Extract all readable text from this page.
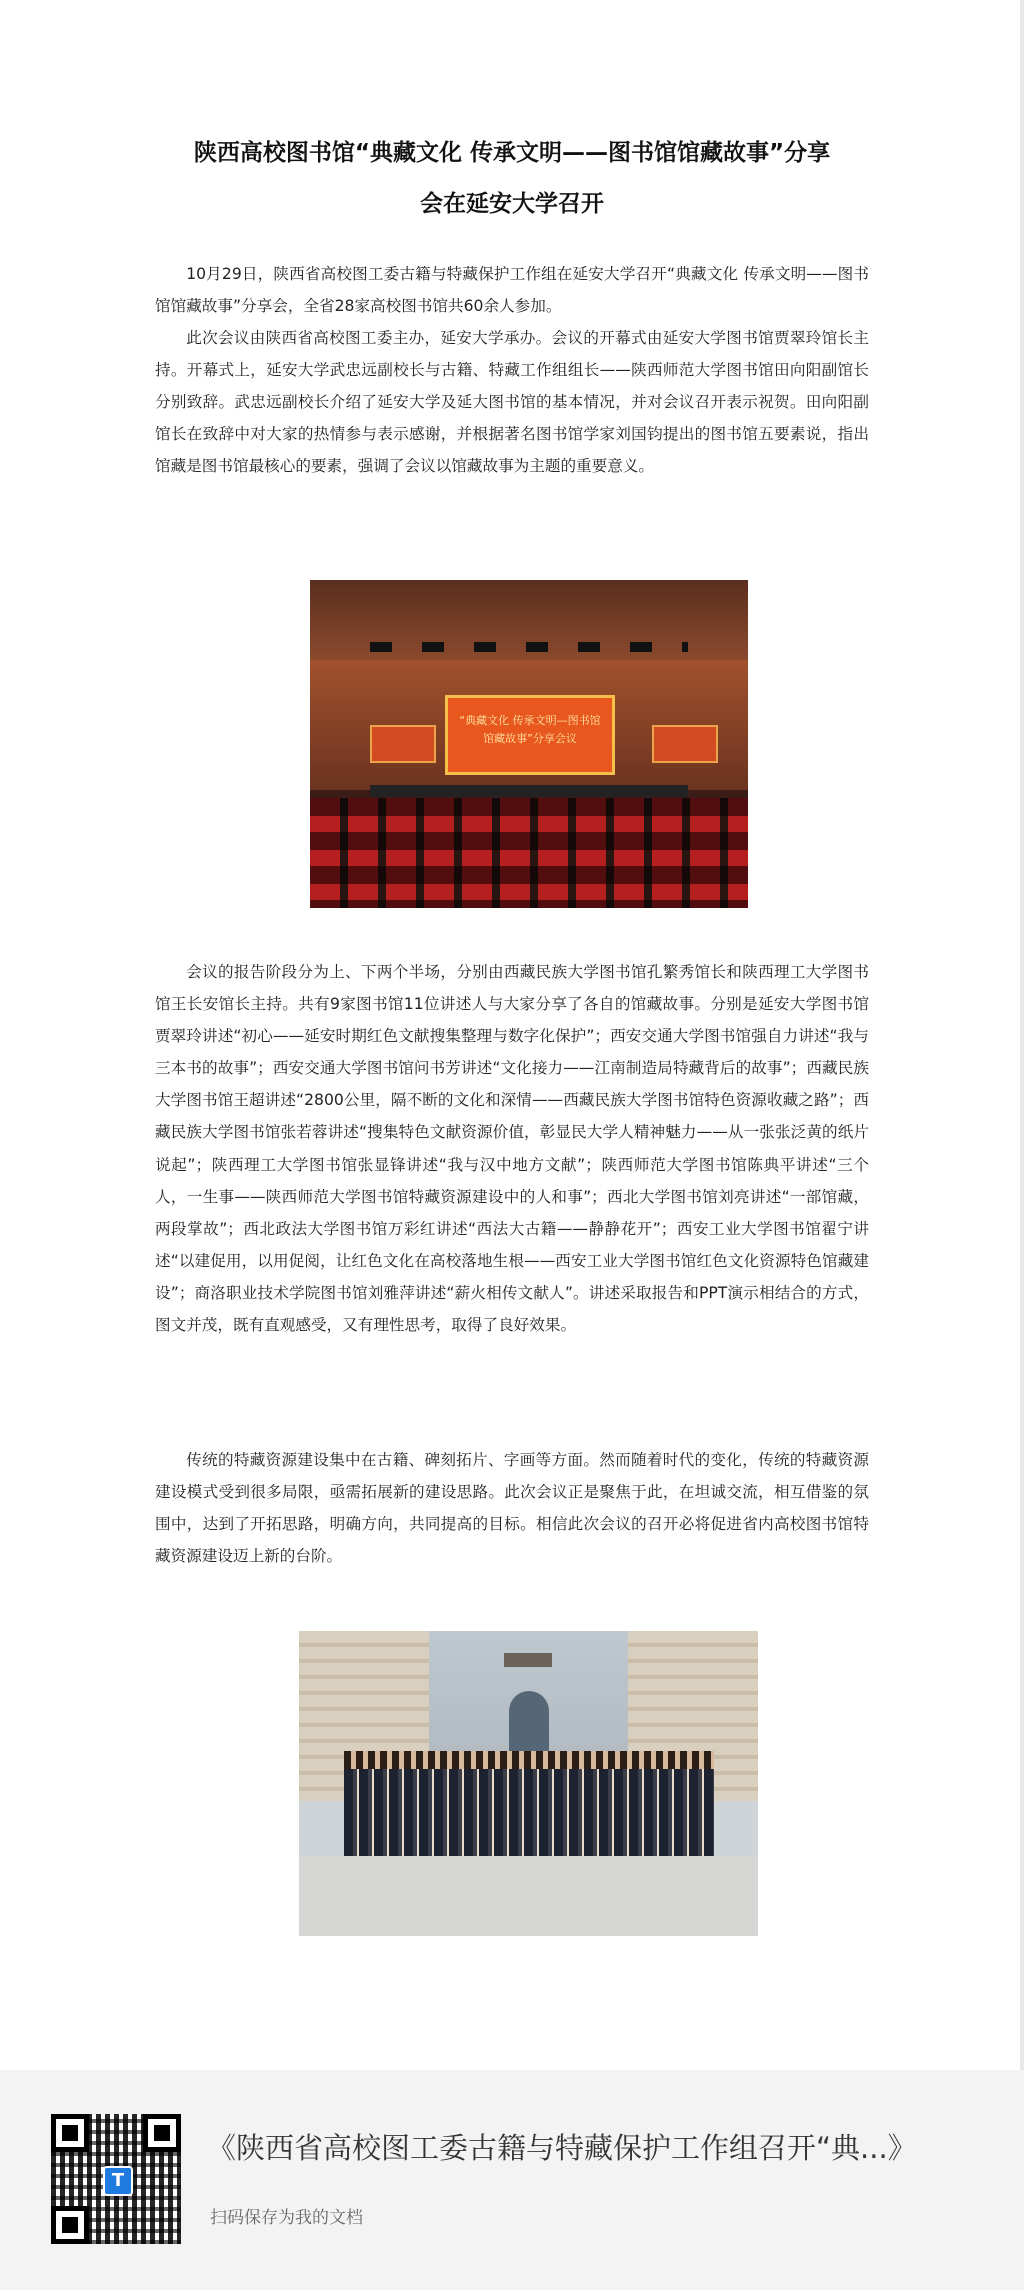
陕西高校图书馆“典藏文化 传承文明——图书馆馆藏故事”分享
会在延安大学召开

10月29日，陕西省高校图工委古籍与特藏保护工作组在延安大学召开“典藏文化 传承文明——图书馆馆藏故事”分享会，全省28家高校图书馆共60余人参加。

此次会议由陕西省高校图工委主办，延安大学承办。会议的开幕式由延安大学图书馆贾翠玲馆长主持。开幕式上，延安大学武忠远副校长与古籍、特藏工作组组长——陕西师范大学图书馆田向阳副馆长分别致辞。武忠远副校长介绍了延安大学及延大图书馆的基本情况，并对会议召开表示祝贺。田向阳副馆长在致辞中对大家的热情参与表示感谢，并根据著名图书馆学家刘国钧提出的图书馆五要素说，指出馆藏是图书馆最核心的要素，强调了会议以馆藏故事为主题的重要意义。

会议的报告阶段分为上、下两个半场，分别由西藏民族大学图书馆孔繁秀馆长和陕西理工大学图书馆王长安馆长主持。共有9家图书馆11位讲述人与大家分享了各自的馆藏故事。分别是延安大学图书馆贾翠玲讲述“初心——延安时期红色文献搜集整理与数字化保护”；西安交通大学图书馆强自力讲述“我与三本书的故事”；西安交通大学图书馆问书芳讲述“文化接力——江南制造局特藏背后的故事”；西藏民族大学图书馆王超讲述“2800公里，隔不断的文化和深情——西藏民族大学图书馆特色资源收藏之路”；西藏民族大学图书馆张若蓉讲述“搜集特色文献资源价值，彰显民大学人精神魅力——从一张张泛黄的纸片说起”；陕西理工大学图书馆张显锋讲述“我与汉中地方文献”；陕西师范大学图书馆陈典平讲述“三个人，一生事——陕西师范大学图书馆特藏资源建设中的人和事”；西北大学图书馆刘亮讲述“一部馆藏，两段掌故”；西北政法大学图书馆万彩红讲述“西法大古籍——静静花开”；西安工业大学图书馆翟宁讲述“以建促用，以用促阅，让红色文化在高校落地生根——西安工业大学图书馆红色文化资源特色馆藏建设”；商洛职业技术学院图书馆刘雅萍讲述“薪火相传文献人”。讲述采取报告和PPT演示相结合的方式，图文并茂，既有直观感受，又有理性思考，取得了良好效果。

传统的特藏资源建设集中在古籍、碑刻拓片、字画等方面。然而随着时代的变化，传统的特藏资源建设模式受到很多局限，亟需拓展新的建设思路。此次会议正是聚焦于此，在坦诚交流，相互借鉴的氛围中，达到了开拓思路，明确方向，共同提高的目标。相信此次会议的召开必将促进省内高校图书馆特藏资源建设迈上新的台阶。

“典藏文化 传承文明—图书馆
馆藏故事”分享会议
T
《陕西省高校图工委古籍与特藏保护工作组召开“典...》

扫码保存为我的文档
